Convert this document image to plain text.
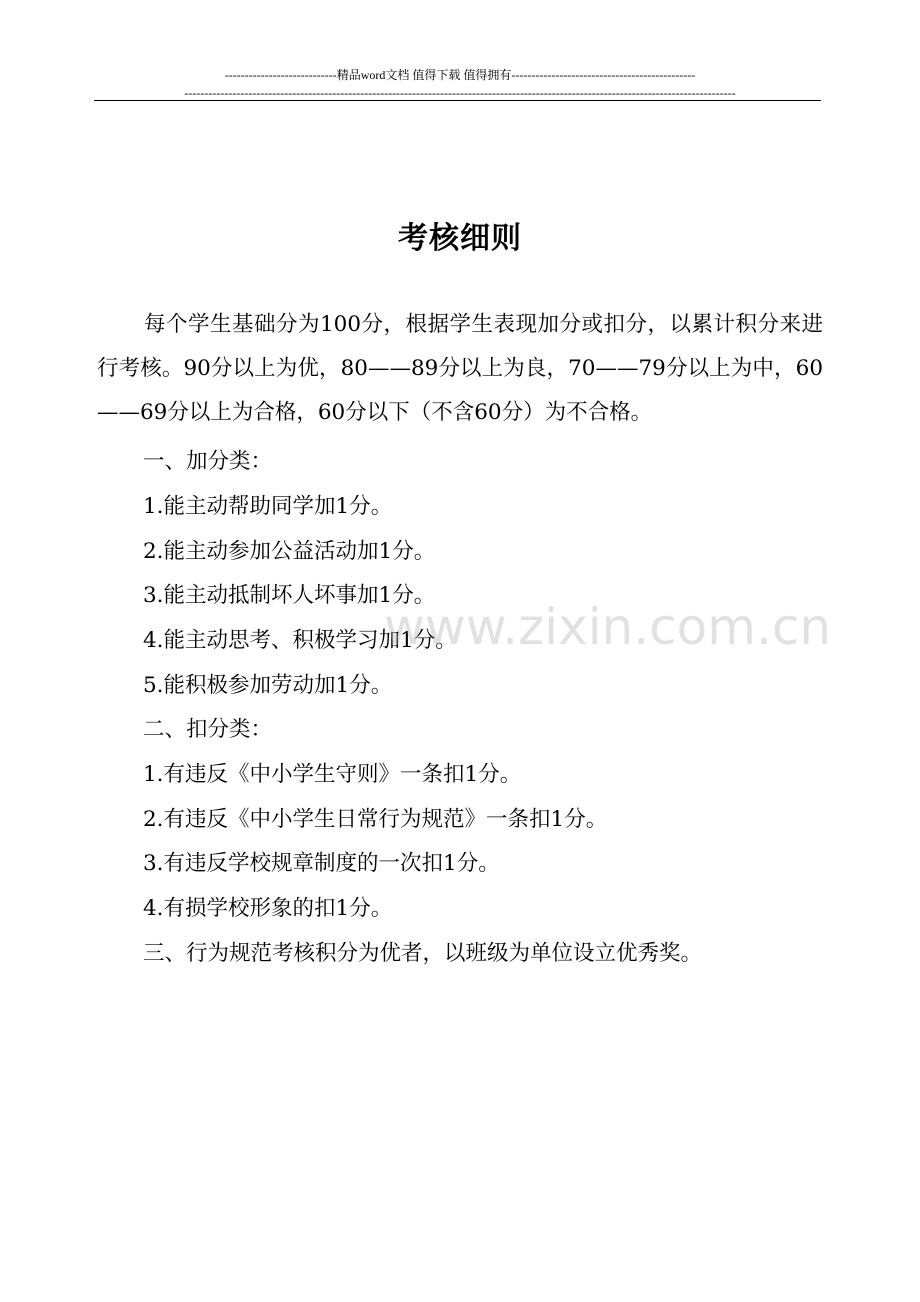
----------------------------精品word文档 值得下载 值得拥有----------------------------------------------
------------------------------------------------------------------------------------------------------------------------------------------
考核细则
每个学生基础分为100分，根据学生表现加分或扣分，以累计积分来进行考核。90分以上为优，80——89分以上为良，70——79分以上为中，60——69分以上为合格，60分以下（不含60分）为不合格。
一、加分类：
1.能主动帮助同学加1分。
2.能主动参加公益活动加1分。
3.能主动抵制坏人坏事加1分。
4.能主动思考、积极学习加1分。
5.能积极参加劳动加1分。
二、扣分类：
1.有违反《中小学生守则》一条扣1分。
2.有违反《中小学生日常行为规范》一条扣1分。
3.有违反学校规章制度的一次扣1分。
4.有损学校形象的扣1分。
三、行为规范考核积分为优者，以班级为单位设立优秀奖。
www.zixin.com.cn
